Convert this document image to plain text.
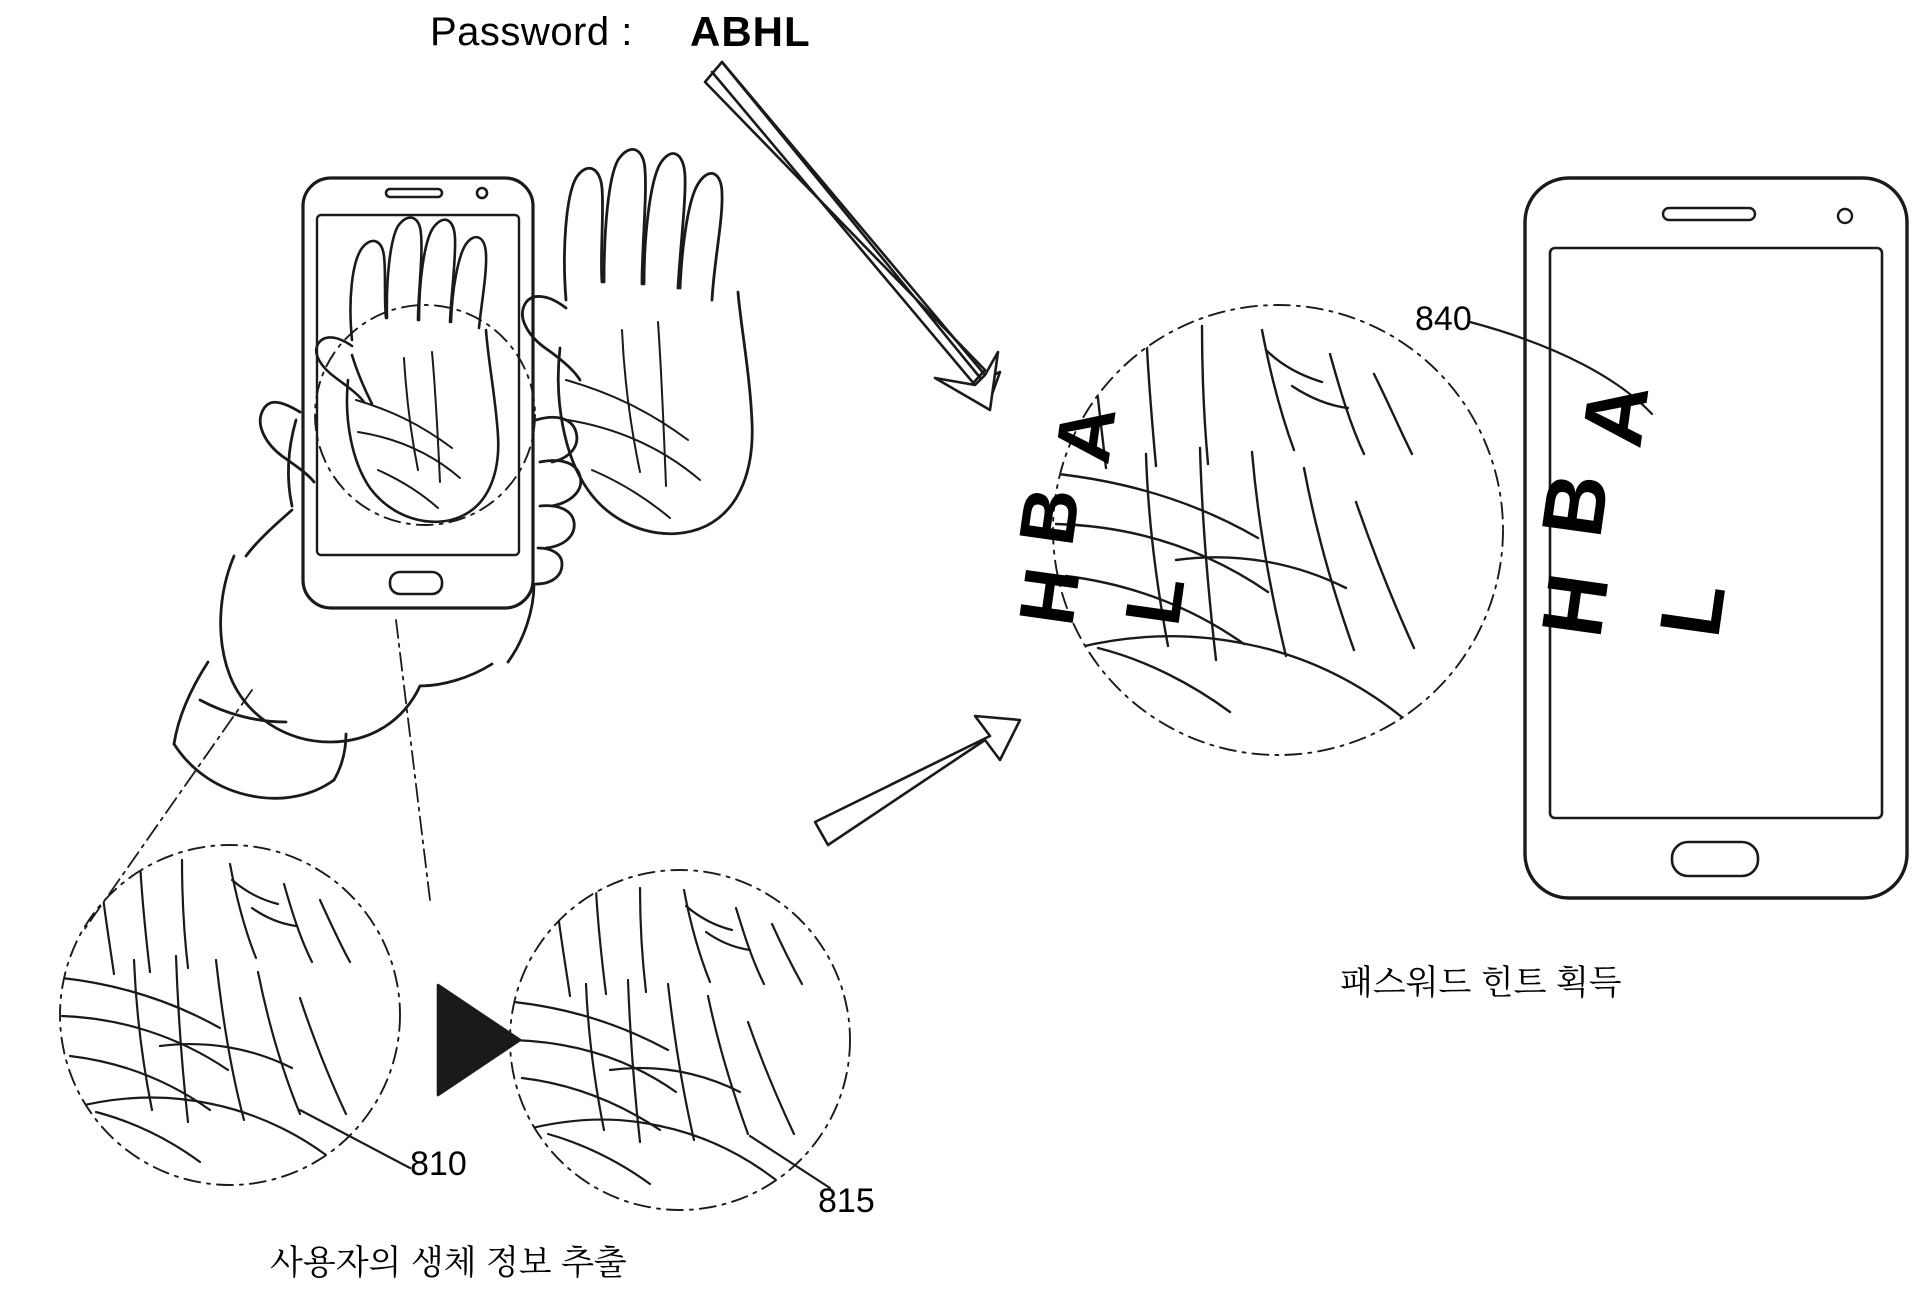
Password : ABHL
810
815
840
사용자의 생체 정보 추출
패스워드 힌트 획득
A
B
H L
A
B
H L
